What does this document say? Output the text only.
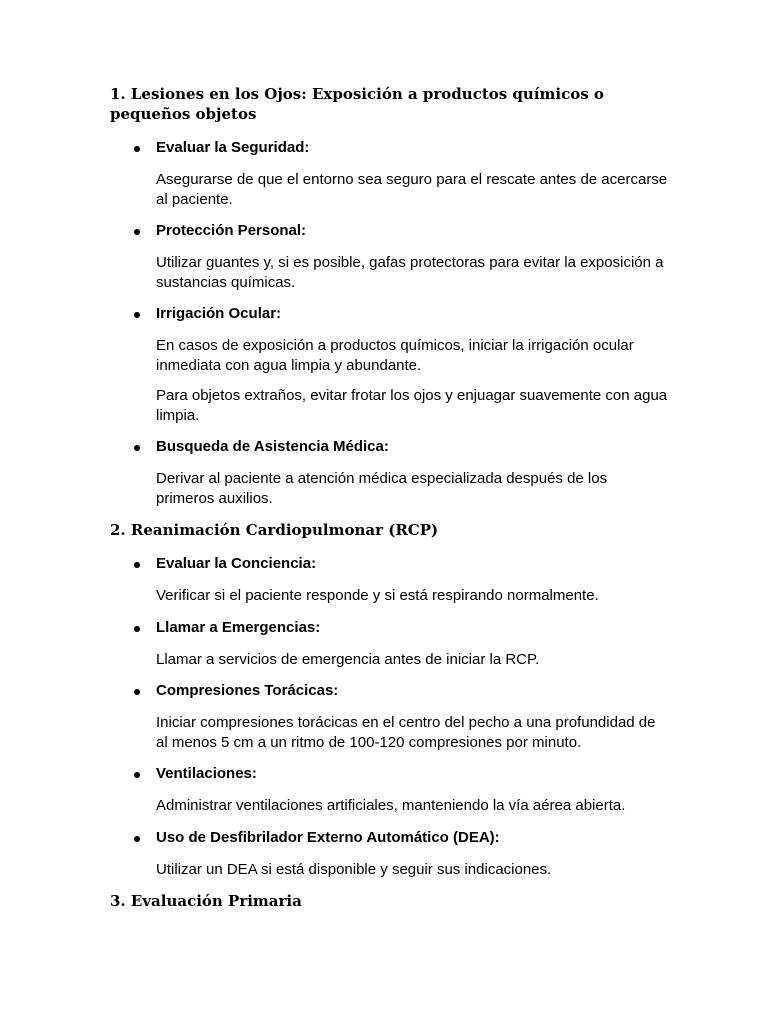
1. Lesiones en los Ojos: Exposición a productos químicos o pequeños objetos
Evaluar la Seguridad:

Asegurarse de que el entorno sea seguro para el rescate antes de acercarse al paciente.

Protección Personal:

Utilizar guantes y, si es posible, gafas protectoras para evitar la exposición a sustancias químicas.

Irrigación Ocular:

En casos de exposición a productos químicos, iniciar la irrigación ocular inmediata con agua limpia y abundante.

Para objetos extraños, evitar frotar los ojos y enjuagar suavemente con agua limpia.

Busqueda de Asistencia Médica:

Derivar al paciente a atención médica especializada después de los primeros auxilios.

2. Reanimación Cardiopulmonar (RCP)
Evaluar la Conciencia:

Verificar si el paciente responde y si está respirando normalmente.

Llamar a Emergencias:

Llamar a servicios de emergencia antes de iniciar la RCP.

Compresiones Torácicas:

Iniciar compresiones torácicas en el centro del pecho a una profundidad de al menos 5 cm a un ritmo de 100-120 compresiones por minuto.

Ventilaciones:

Administrar ventilaciones artificiales, manteniendo la vía aérea abierta.

Uso de Desfibrilador Externo Automático (DEA):

Utilizar un DEA si está disponible y seguir sus indicaciones.

3. Evaluación Primaria
